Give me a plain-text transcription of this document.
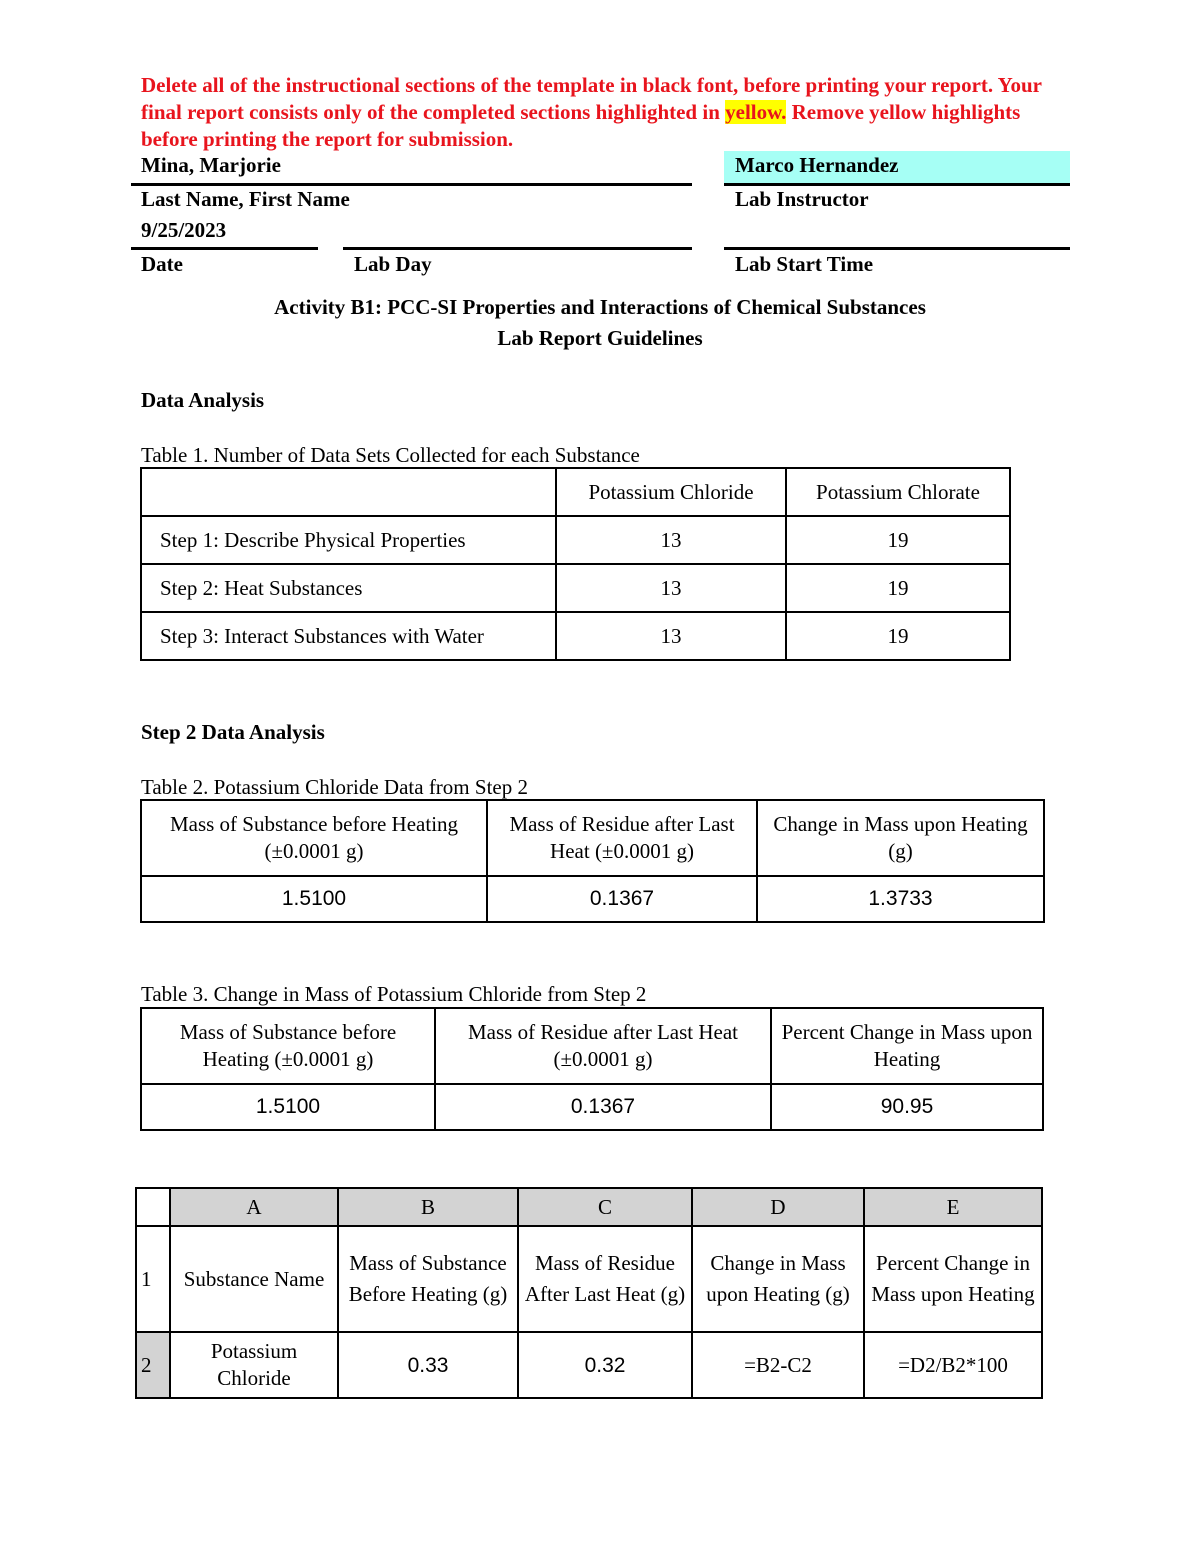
Delete all of the instructional sections of the template in black font, before printing your report. Your final report consists only of the completed sections highlighted in yellow. Remove yellow highlights before printing the report for submission.
Mina, Marjorie	Marco Hernandez
Last Name, First Name	Lab Instructor
9/25/2023
Date	Lab Day	Lab Start Time
Activity B1: PCC-SI Properties and Interactions of Chemical Substances
Lab Report Guidelines
Data Analysis
Table 1. Number of Data Sets Collected for each Substance
	Potassium Chloride	Potassium Chlorate
Step 1: Describe Physical Properties	13	19
Step 2: Heat Substances	13	19
Step 3: Interact Substances with Water	13	19
Step 2 Data Analysis
Table 2. Potassium Chloride Data from Step 2
Mass of Substance before Heating (±0.0001 g)	Mass of Residue after Last Heat (±0.0001 g)	Change in Mass upon Heating (g)
1.5100	0.1367	1.3733
Table 3. Change in Mass of Potassium Chloride from Step 2
Mass of Substance before Heating (±0.0001 g)	Mass of Residue after Last Heat (±0.0001 g)	Percent Change in Mass upon Heating
1.5100	0.1367	90.95
	A	B	C	D	E
1	Substance Name	Mass of Substance Before Heating (g)	Mass of Residue After Last Heat (g)	Change in Mass upon Heating (g)	Percent Change in Mass upon Heating
2	Potassium Chloride	0.33	0.32	=B2-C2	=D2/B2*100
